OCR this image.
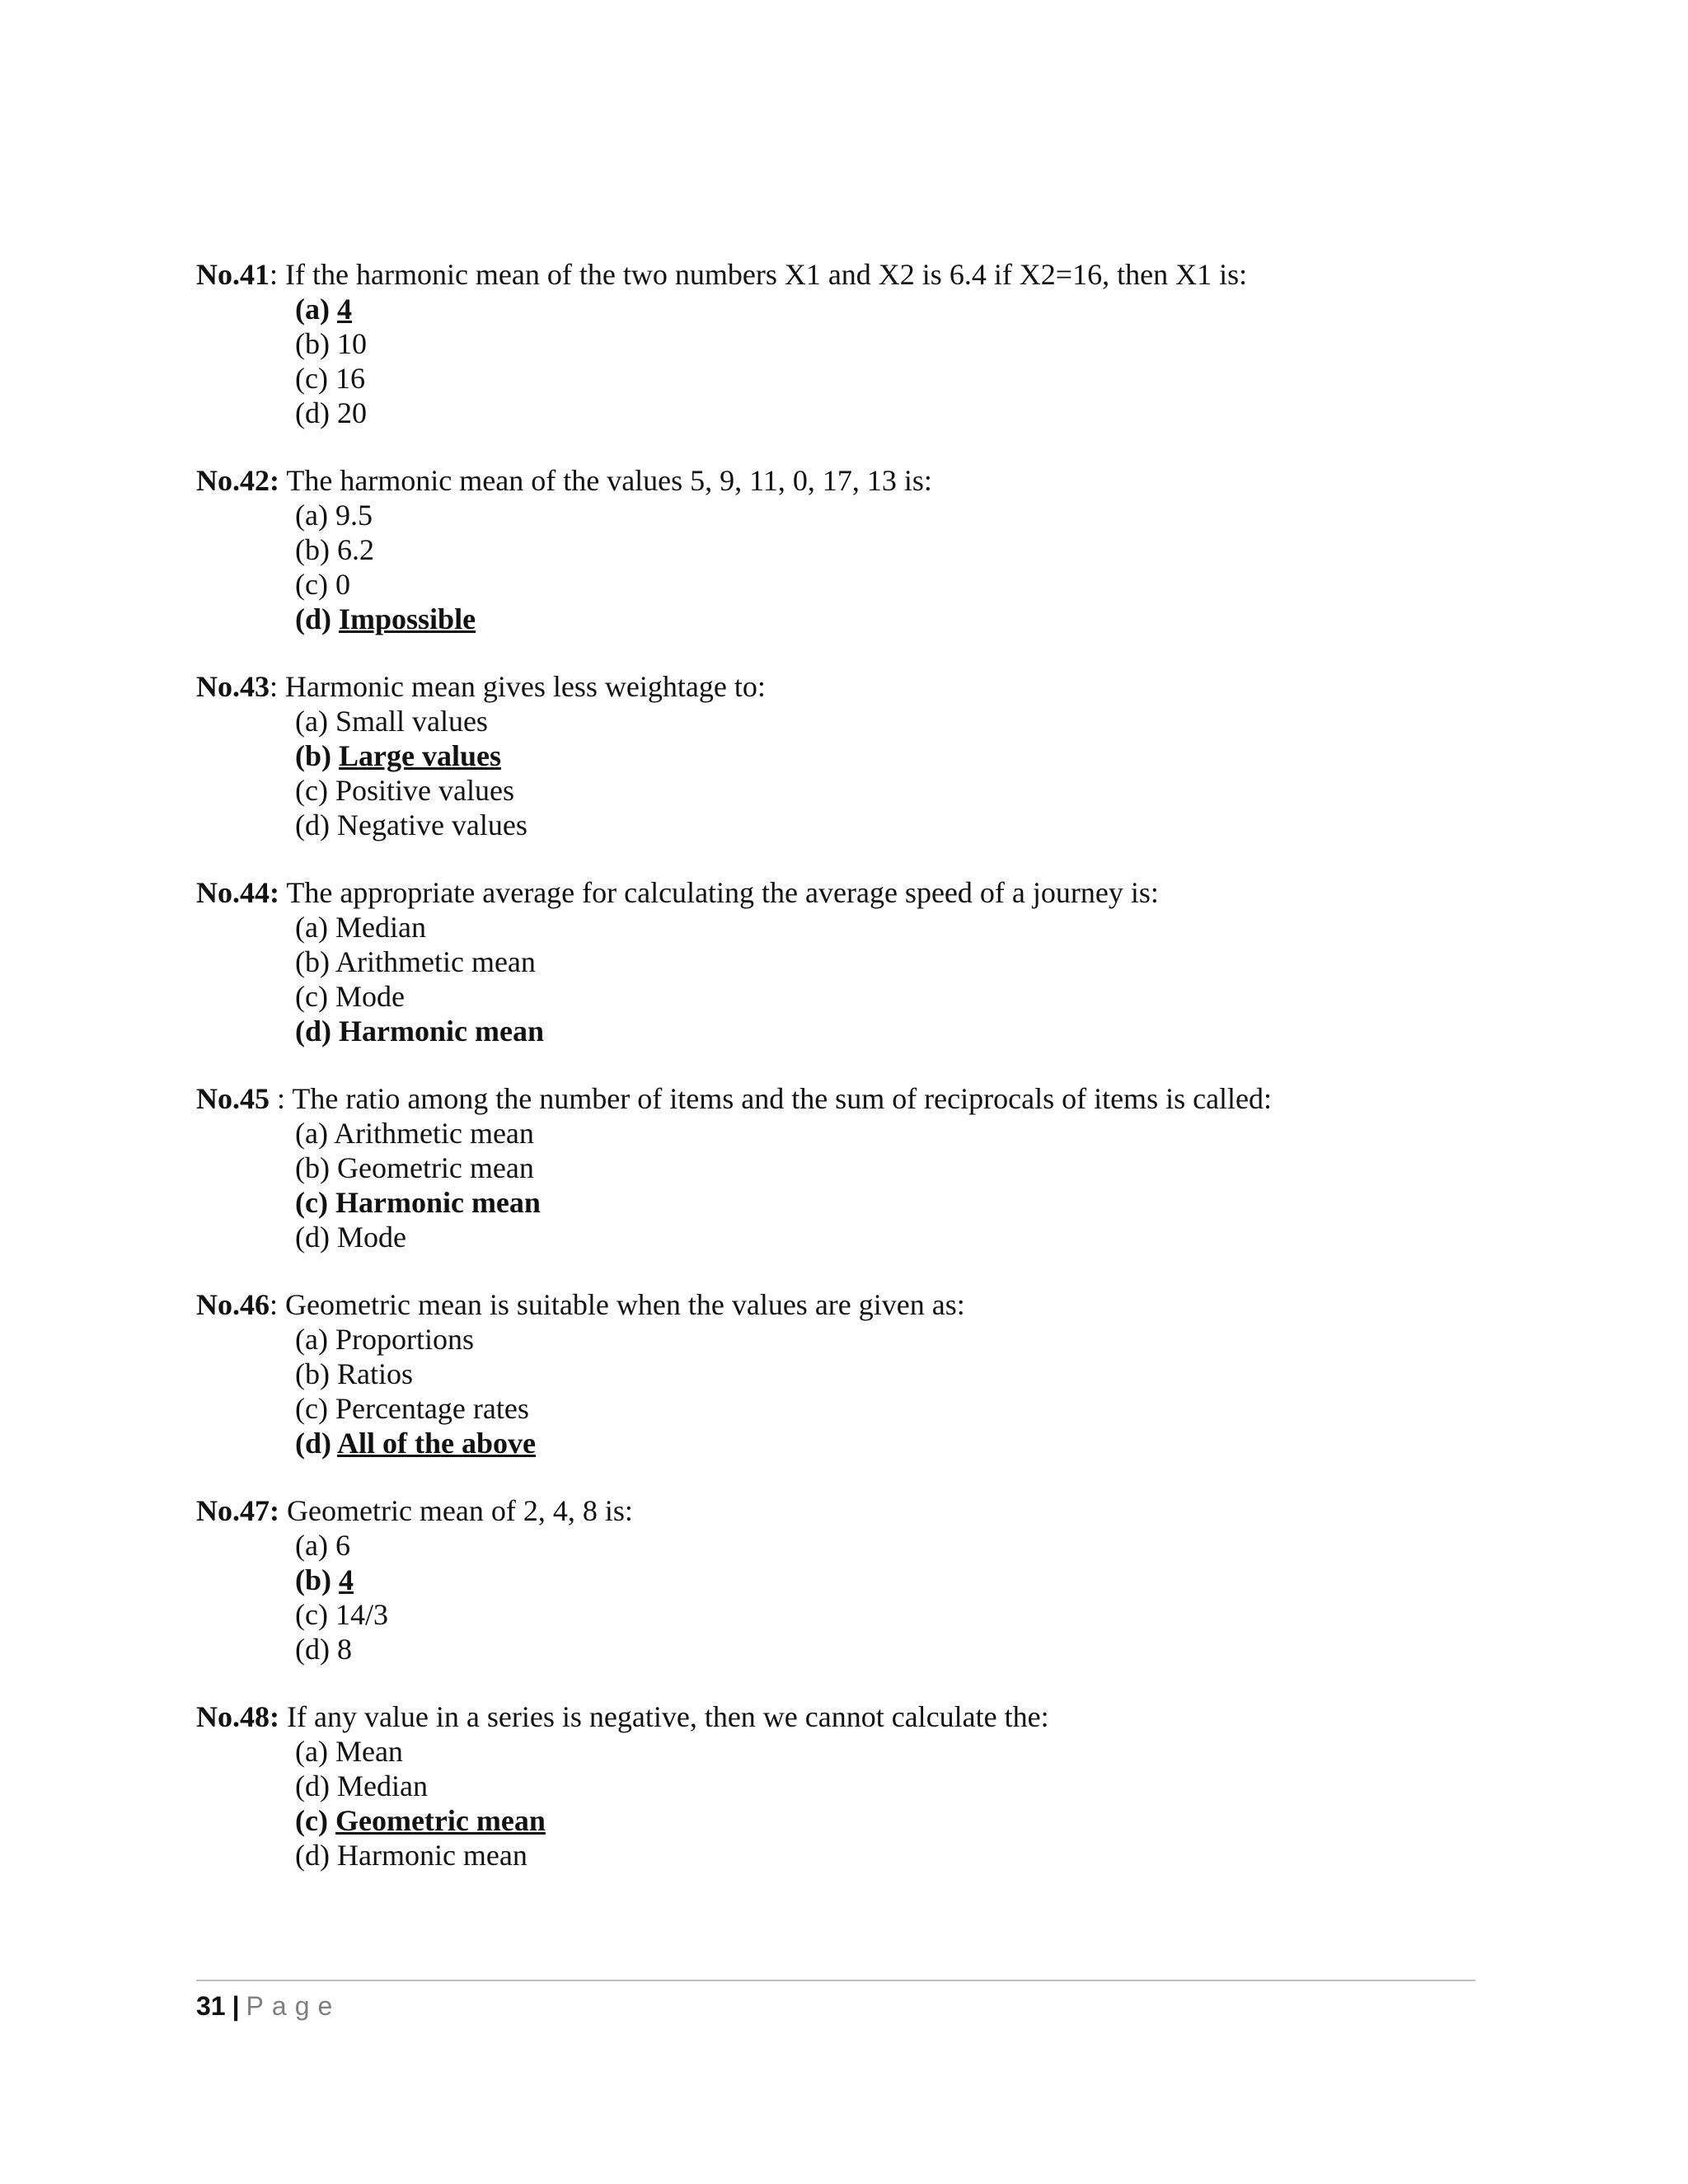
No.41: If the harmonic mean of the two numbers X1 and X2 is 6.4 if X2=16, then X1 is:
(a) 4
(b) 10
(c) 16
(d) 20
No.42: The harmonic mean of the values 5, 9, 11, 0, 17, 13 is:
(a) 9.5
(b) 6.2
(c) 0
(d) Impossible
No.43: Harmonic mean gives less weightage to:
(a) Small values
(b) Large values
(c) Positive values
(d) Negative values
No.44: The appropriate average for calculating the average speed of a journey is:
(a) Median
(b) Arithmetic mean
(c) Mode
(d) Harmonic mean
No.45 : The ratio among the number of items and the sum of reciprocals of items is called:
(a) Arithmetic mean
(b) Geometric mean
(c) Harmonic mean
(d) Mode
No.46: Geometric mean is suitable when the values are given as:
(a) Proportions
(b) Ratios
(c) Percentage rates
(d) All of the above
No.47: Geometric mean of 2, 4, 8 is:
(a) 6
(b) 4
(c) 14/3
(d) 8
No.48: If any value in a series is negative, then we cannot calculate the:
(a) Mean
(d) Median
(c) Geometric mean
(d) Harmonic mean
31 | Page
